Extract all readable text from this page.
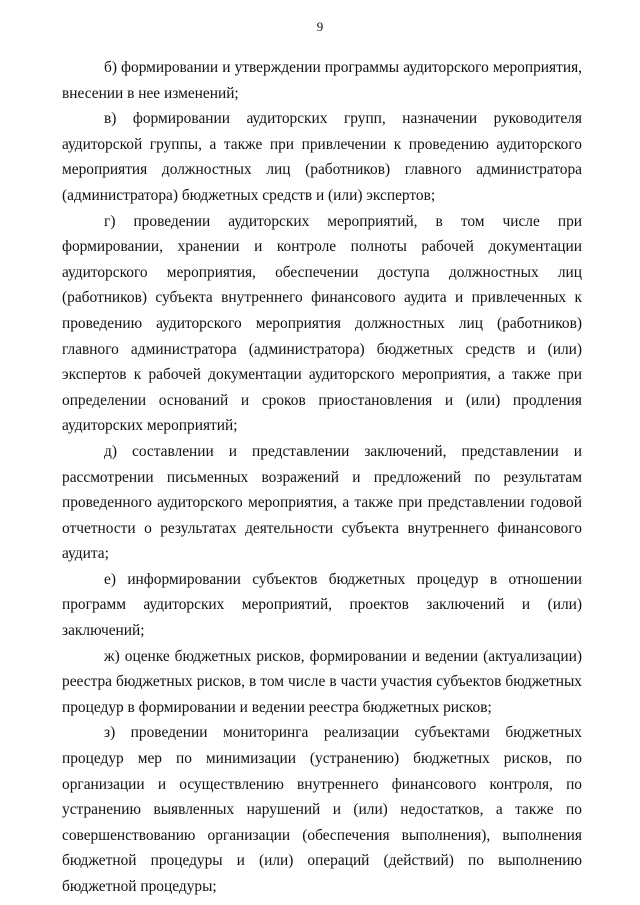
9

б) формировании и утверждении программы аудиторского мероприятия, внесении в нее изменений;

в) формировании аудиторских групп, назначении руководителя аудиторской группы, а также при привлечении к проведению аудиторского мероприятия должностных лиц (работников) главного администратора (администратора) бюджетных средств и (или) экспертов;

г) проведении аудиторских мероприятий, в том числе при формировании, хранении и контроле полноты рабочей документации аудиторского мероприятия, обеспечении доступа должностных лиц (работников) субъекта внутреннего финансового аудита и привлеченных к проведению аудиторского мероприятия должностных лиц (работников) главного администратора (администратора) бюджетных средств и (или) экспертов к рабочей документации аудиторского мероприятия, а также при определении оснований и сроков приостановления и (или) продления аудиторских мероприятий;

д) составлении и представлении заключений, представлении и рассмотрении письменных возражений и предложений по результатам проведенного аудиторского мероприятия, а также при представлении годовой отчетности о результатах деятельности субъекта внутреннего финансового аудита;

е) информировании субъектов бюджетных процедур в отношении программ аудиторских мероприятий, проектов заключений и (или) заключений;

ж) оценке бюджетных рисков, формировании и ведении (актуализации) реестра бюджетных рисков, в том числе в части участия субъектов бюджетных процедур в формировании и ведении реестра бюджетных рисков;

з) проведении мониторинга реализации субъектами бюджетных процедур мер по минимизации (устранению) бюджетных рисков, по организации и осуществлению внутреннего финансового контроля, по устранению выявленных нарушений и (или) недостатков, а также по совершенствованию организации (обеспечения выполнения), выполнения бюджетной процедуры и (или) операций (действий) по выполнению бюджетной процедуры;
